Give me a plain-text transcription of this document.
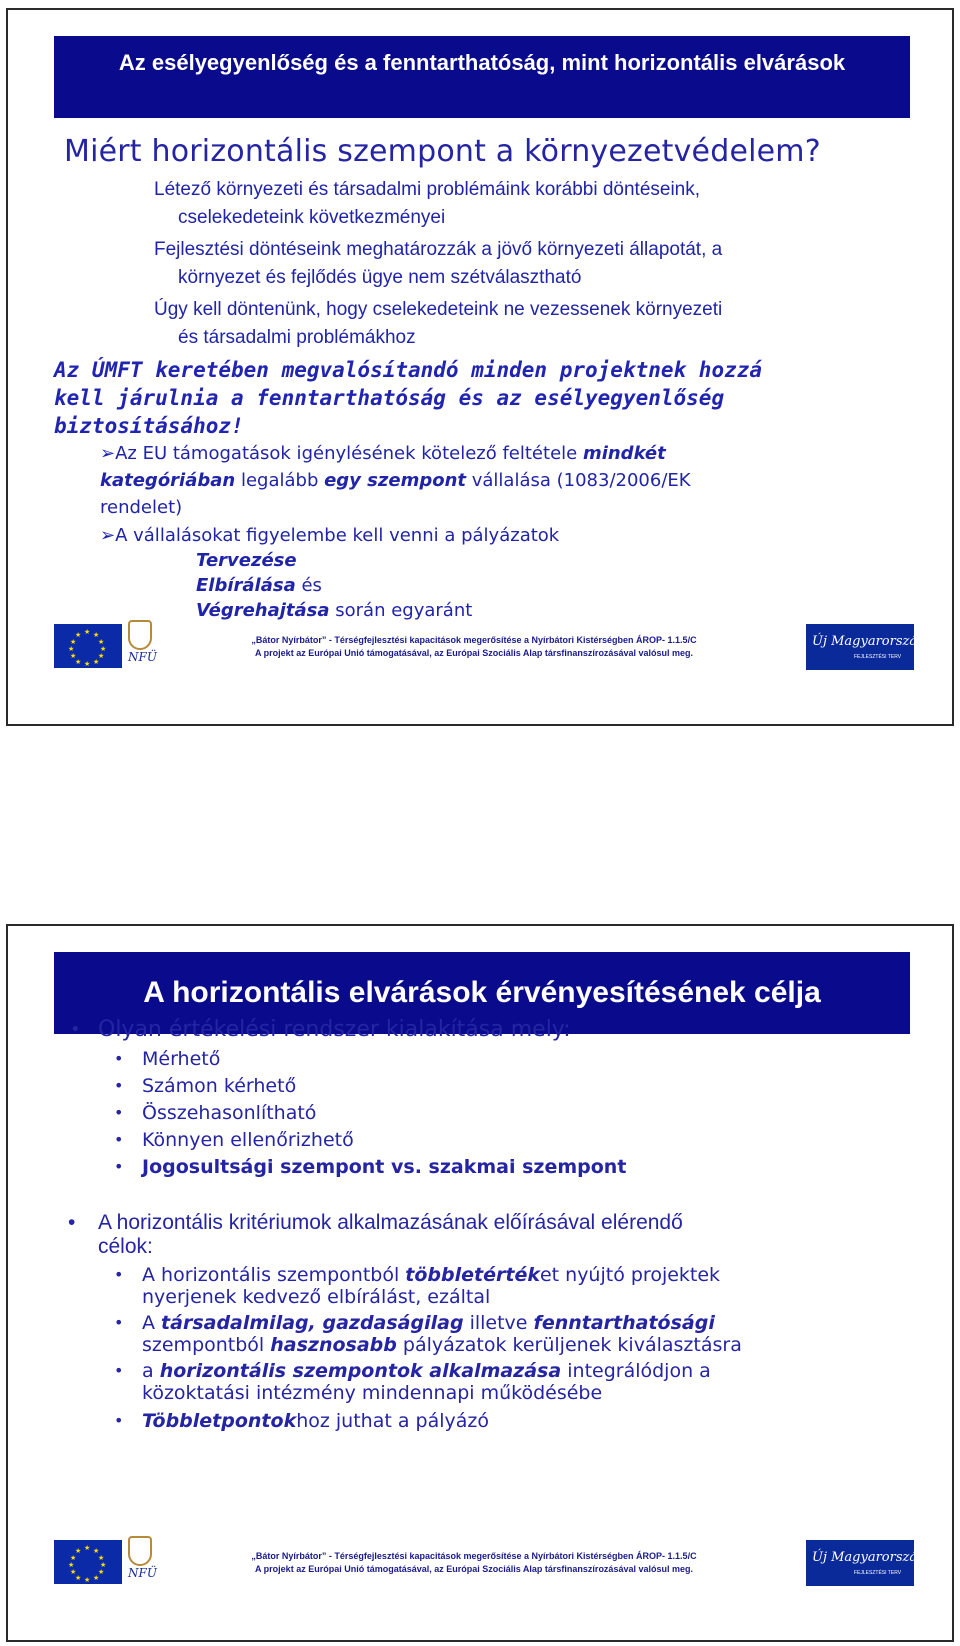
Az esélyegyenlőség és a fenntarthatóság, mint horizontális elvárások
Miért horizontális szempont a környezetvédelem?
Létező környezeti és társadalmi problémáink korábbi döntéseink,
cselekedeteink következményei
Fejlesztési döntéseink meghatározzák a jövő környezeti állapotát, a
környezet és fejlődés ügye nem szétválasztható
Úgy kell döntenünk, hogy cselekedeteink ne vezessenek környezeti
és társadalmi problémákhoz
Az ÚMFT keretében megvalósítandó minden projektnek hozzá
kell járulnia a fenntarthatóság és az esélyegyenlőség
biztosításához!
➢Az EU támogatások igénylésének kötelező feltétele mindkét
kategóriában legalább egy szempont vállalása (1083/2006/EK
rendelet)
➢A vállalásokat figyelembe kell venni a pályázatok
Tervezése
Elbírálása és
Végrehajtása során egyaránt
★ ★
★
★
★
★
★
★
★
★
★
★
NFÜ
„Bátor Nyírbátor” - Térségfejlesztési kapacitások megerősítése a Nyírbátori Kistérségben ÁROP- 1.1.5/C
A projekt az Európai Unió támogatásával, az Európai Szociális Alap társfinanszírozásával valósul meg.
Új Magyarország
FEJLESZTÉSI TERV
A horizontális elvárások érvényesítésének célja
• Olyan értékelési rendszer kialakítása mely:
• Mérhető
• Számon kérhető
• Összehasonlítható
• Könnyen ellenőrizhető
• Jogosultsági szempont vs. szakmai szempont
•	A horizontális kritériumok alkalmazásának előírásával elérendő
célok:
• A horizontális szempontból többletértéket nyújtó projektek
nyerjenek kedvező elbírálást, ezáltal
• A társadalmilag, gazdaságilag illetve fenntarthatósági
szempontból hasznosabb pályázatok kerüljenek kiválasztásra
• a horizontális szempontok alkalmazása integrálódjon a
közoktatási intézmény mindennapi működésébe
• Többletpontokhoz juthat a pályázó
★ ★
★
★
★
★
★
★
★
★
★
★
NFÜ
„Bátor Nyírbátor” - Térségfejlesztési kapacitások megerősítése a Nyírbátori Kistérségben ÁROP- 1.1.5/C
A projekt az Európai Unió támogatásával, az Európai Szociális Alap társfinanszírozásával valósul meg.
Új Magyarország
FEJLESZTÉSI TERV
